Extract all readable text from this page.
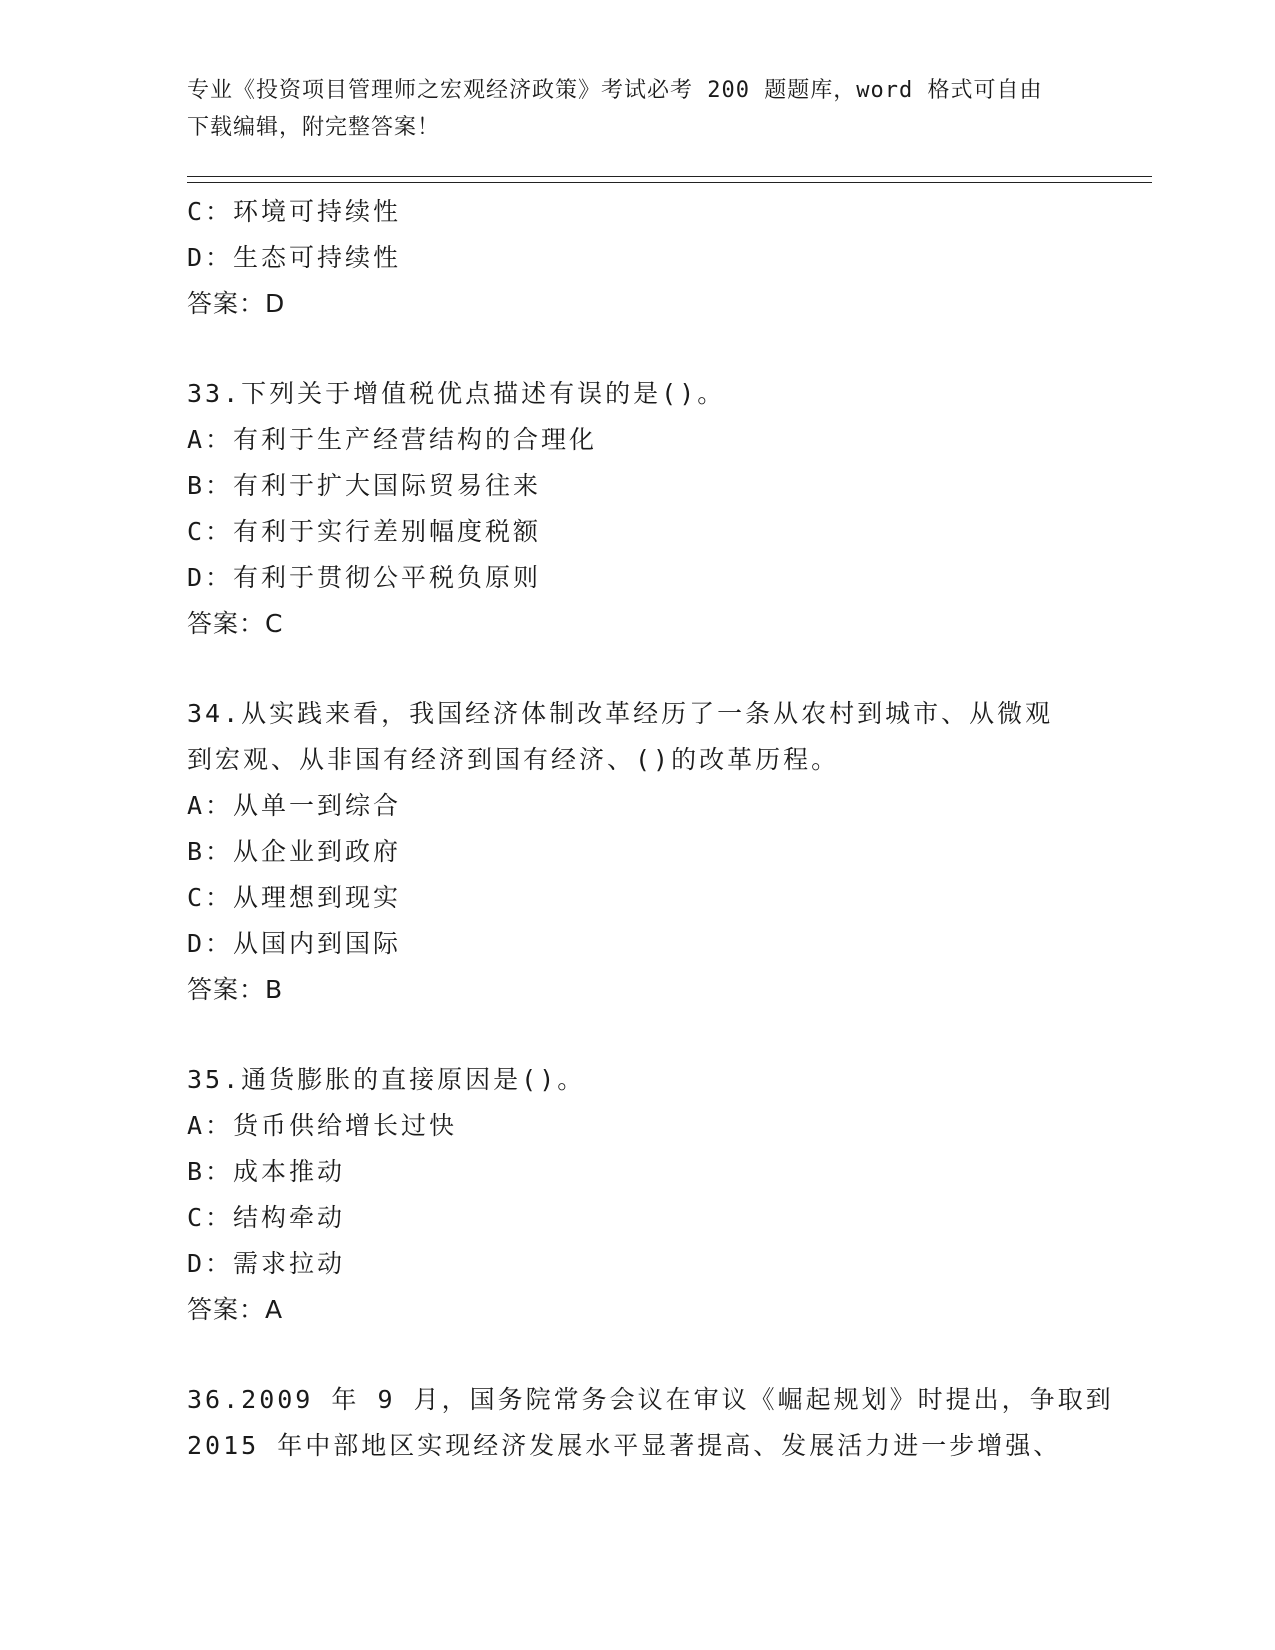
专业《投资项目管理师之宏观经济政策》考试必考 200 题题库，word 格式可自由
下载编辑，附完整答案！
C：环境可持续性
D：生态可持续性
答案：D
33.下列关于增值税优点描述有误的是()。
A：有利于生产经营结构的合理化
B：有利于扩大国际贸易往来
C：有利于实行差别幅度税额
D：有利于贯彻公平税负原则
答案：C
34.从实践来看，我国经济体制改革经历了一条从农村到城市、从微观
到宏观、从非国有经济到国有经济、()的改革历程。
A：从单一到综合
B：从企业到政府
C：从理想到现实
D：从国内到国际
答案：B
35.通货膨胀的直接原因是()。
A：货币供给增长过快
B：成本推动
C：结构牵动
D：需求拉动
答案：A
36.2009 年 9 月，国务院常务会议在审议《崛起规划》时提出，争取到
2015 年中部地区实现经济发展水平显著提高、发展活力进一步增强、
